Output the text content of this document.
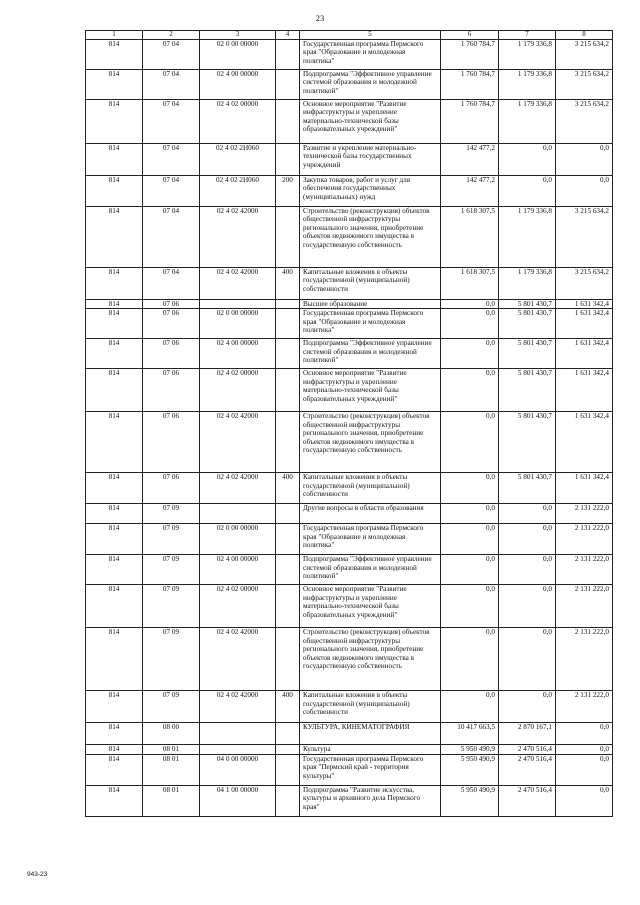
23
1	2	3	4	5	6	7	8
814	07 04	02 0 00 00000		Государственная программа Пермского края "Образование и молодежная политика"	1 760 784,7	1 179 336,8	3 215 634,2
814	07 04	02 4 00 00000		Подпрограмма "Эффективное управление системой образования и молодежной политикой"	1 760 784,7	1 179 336,8	3 215 634,2
814	07 04	02 4 02 00000		Основное мероприятие "Развитие инфраструктуры и укрепление материально-технической базы образовательных учреждений"	1 760 784,7	1 179 336,8	3 215 634,2
814	07 04	02 4 02 2Н060		Развитие и укрепление материально-технической базы государственных учреждений	142 477,2	0,0	0,0
814	07 04	02 4 02 2Н060	200	Закупка товаров, работ и услуг для обеспечения государственных (муниципальных) нужд	142 477,2	0,0	0,0
814	07 04	02 4 02 42000		Строительство (реконструкция) объектов общественной инфраструктуры регионального значения, приобретение объектов недвижимого имущества в государственную собственность	1 618 307,5	1 179 336,8	3 215 634,2
814	07 04	02 4 02 42000	400	Капитальные вложения в объекты государственной (муниципальной) собственности	1 618 307,5	1 179 336,8	3 215 634,2
814	07 06			Высшее образование	0,0	5 801 430,7	1 631 342,4
814	07 06	02 0 00 00000		Государственная программа Пермского края "Образование и молодежная политика"	0,0	5 801 430,7	1 631 342,4
814	07 06	02 4 00 00000		Подпрограмма "Эффективное управление системой образования и молодежной политикой"	0,0	5 801 430,7	1 631 342,4
814	07 06	02 4 02 00000		Основное мероприятие "Развитие инфраструктуры и укрепление материально-технической базы образовательных учреждений"	0,0	5 801 430,7	1 631 342,4
814	07 06	02 4 02 42000		Строительство (реконструкция) объектов общественной инфраструктуры регионального значения, приобретение объектов недвижимого имущества в государственную собственность	0,0	5 801 430,7	1 631 342,4
814	07 06	02 4 02 42000	400	Капитальные вложения в объекты государственной (муниципальной) собственности	0,0	5 801 430,7	1 631 342,4
814	07 09			Другие вопросы в области образования	0,0	0,0	2 131 222,0
814	07 09	02 0 00 00000		Государственная программа Пермского края "Образование и молодежная политика"	0,0	0,0	2 131 222,0
814	07 09	02 4 00 00000		Подпрограмма "Эффективное управление системой образования и молодежной политикой"	0,0	0,0	2 131 222,0
814	07 09	02 4 02 00000		Основное мероприятие "Развитие инфраструктуры и укрепление материально-технической базы образовательных учреждений"	0,0	0,0	2 131 222,0
814	07 09	02 4 02 42000		Строительство (реконструкция) объектов общественной инфраструктуры регионального значения, приобретение объектов недвижимого имущества в государственную собственность	0,0	0,0	2 131 222,0
814	07 09	02 4 02 42000	400	Капитальные вложения в объекты государственной (муниципальной) собственности	0,0	0,0	2 131 222,0
814	08 00			КУЛЬТУРА, КИНЕМАТОГРАФИЯ	10 417 663,5	2 870 167,1	0,0
814	08 01			Культура	5 950 490,9	2 470 516,4	0,0
814	08 01	04 0 00 00000		Государственная программа Пермского края "Пермский край - территория культуры"	5 950 490,9	2 470 516,4	0,0
814	08 01	04 1 00 00000		Подпрограмма "Развитие искусства, культуры и архивного дела Пермского края"	5 950 490,9	2 470 516,4	0,0
943-23
